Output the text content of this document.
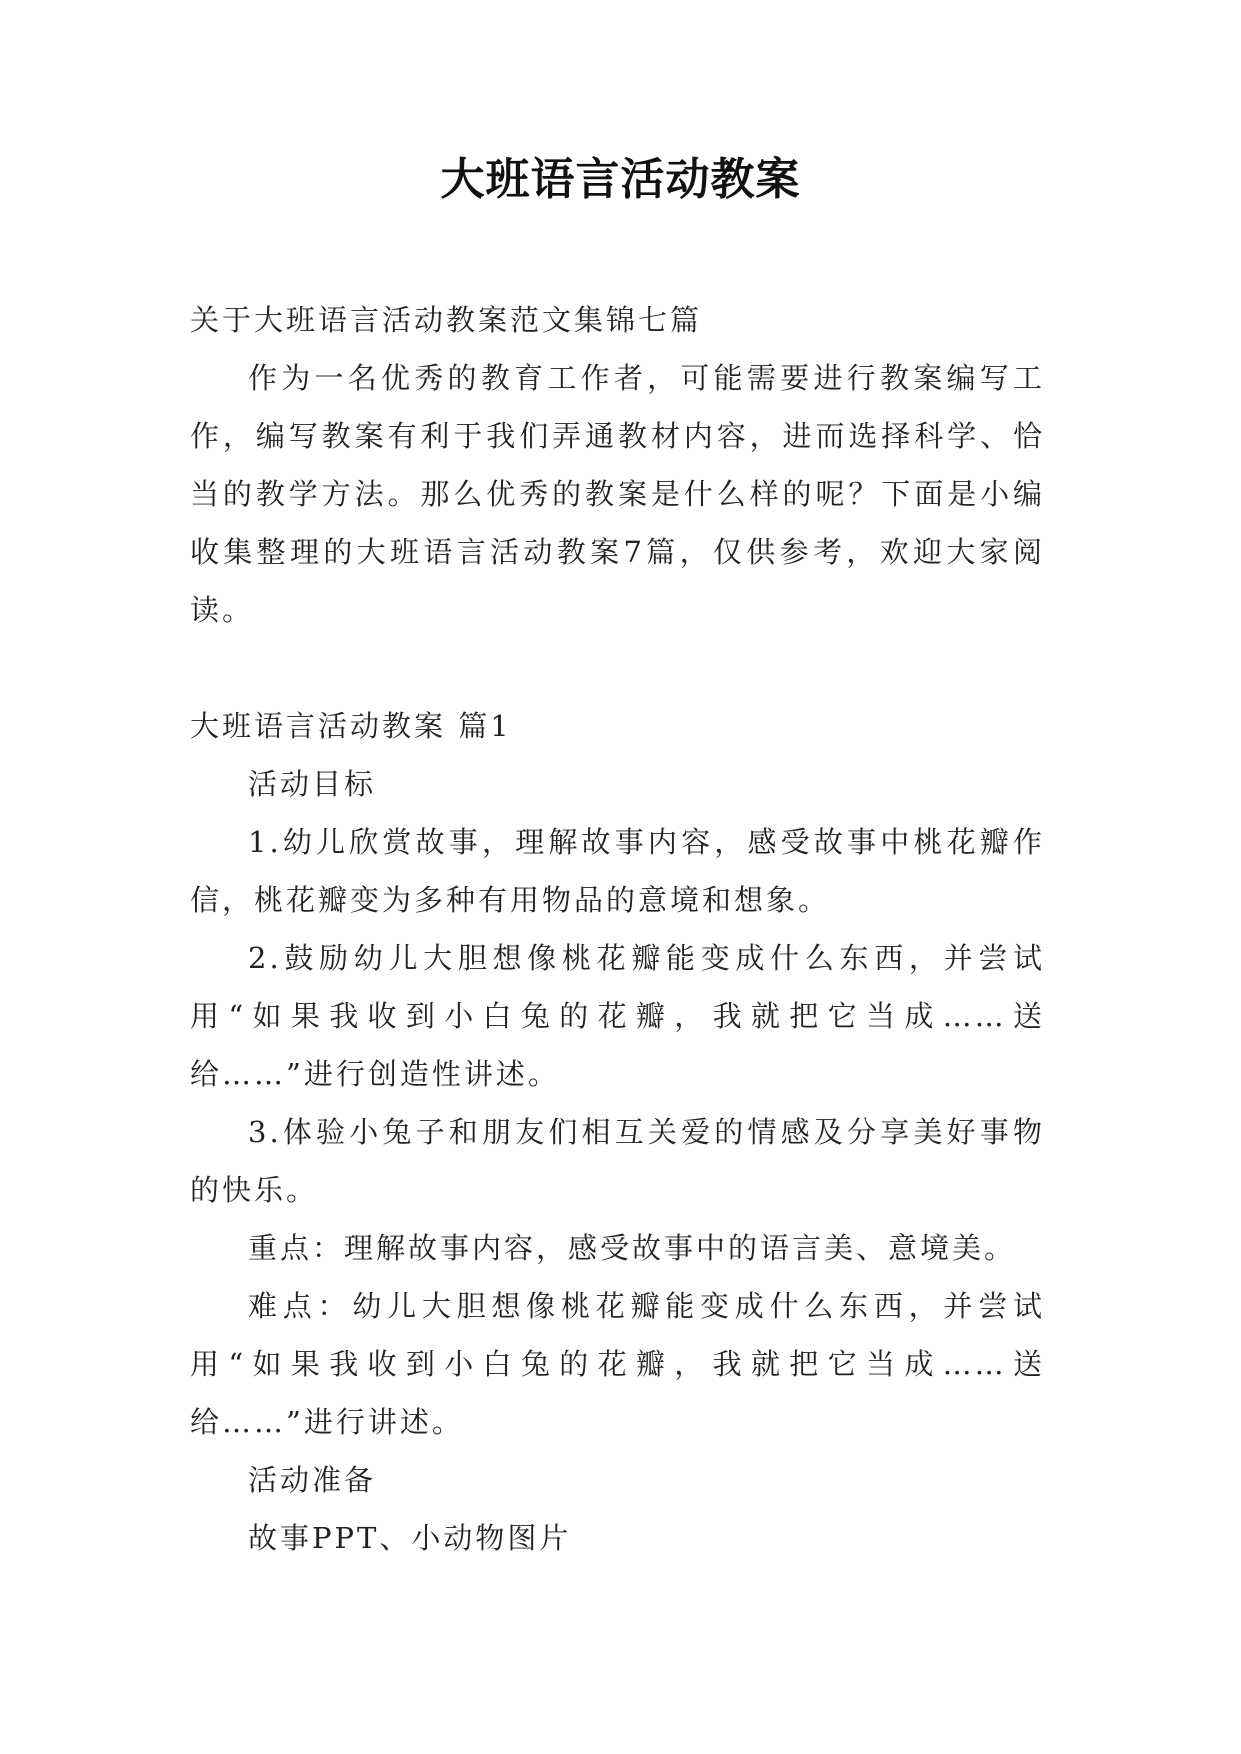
大班语言活动教案

关于大班语言活动教案范文集锦七篇

作为一名优秀的教育工作者，可能需要进行教案编写工作，编写教案有利于我们弄通教材内容，进而选择科学、恰当的教学方法。那么优秀的教案是什么样的呢？下面是小编收集整理的大班语言活动教案7篇，仅供参考，欢迎大家阅读。

大班语言活动教案 篇1

活动目标

1.幼儿欣赏故事，理解故事内容，感受故事中桃花瓣作信，桃花瓣变为多种有用物品的意境和想象。

2.鼓励幼儿大胆想像桃花瓣能变成什么东西，并尝试用“如果我收到小白兔的花瓣，我就把它当成……送给……”进行创造性讲述。

3.体验小兔子和朋友们相互关爱的情感及分享美好事物的快乐。

重点：理解故事内容，感受故事中的语言美、意境美。

难点：幼儿大胆想像桃花瓣能变成什么东西，并尝试用“如果我收到小白兔的花瓣，我就把它当成……送给……”进行讲述。

活动准备

故事PPT、小动物图片
